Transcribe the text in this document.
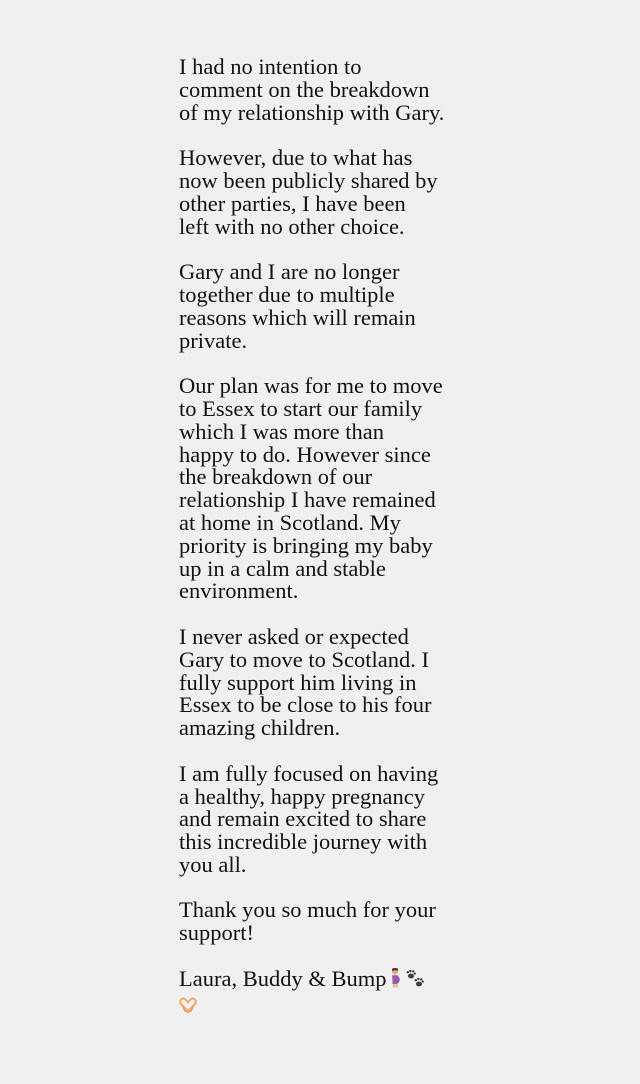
I had no intention to
comment on the breakdown
of my relationship with Gary.

However, due to what has
now been publicly shared by
other parties, I have been
left with no other choice.

Gary and I are no longer
together due to multiple
reasons which will remain
private.

Our plan was for me to move
to Essex to start our family
which I was more than
happy to do. However since
the breakdown of our
relationship I have remained
at home in Scotland. My
priority is bringing my baby
up in a calm and stable
environment.

I never asked or expected
Gary to move to Scotland. I
fully support him living in
Essex to be close to his four
amazing children.

I am fully focused on having
a healthy, happy pregnancy
and remain excited to share
this incredible journey with
you all.

Thank you so much for your
support!

Laura, Buddy & Bump
